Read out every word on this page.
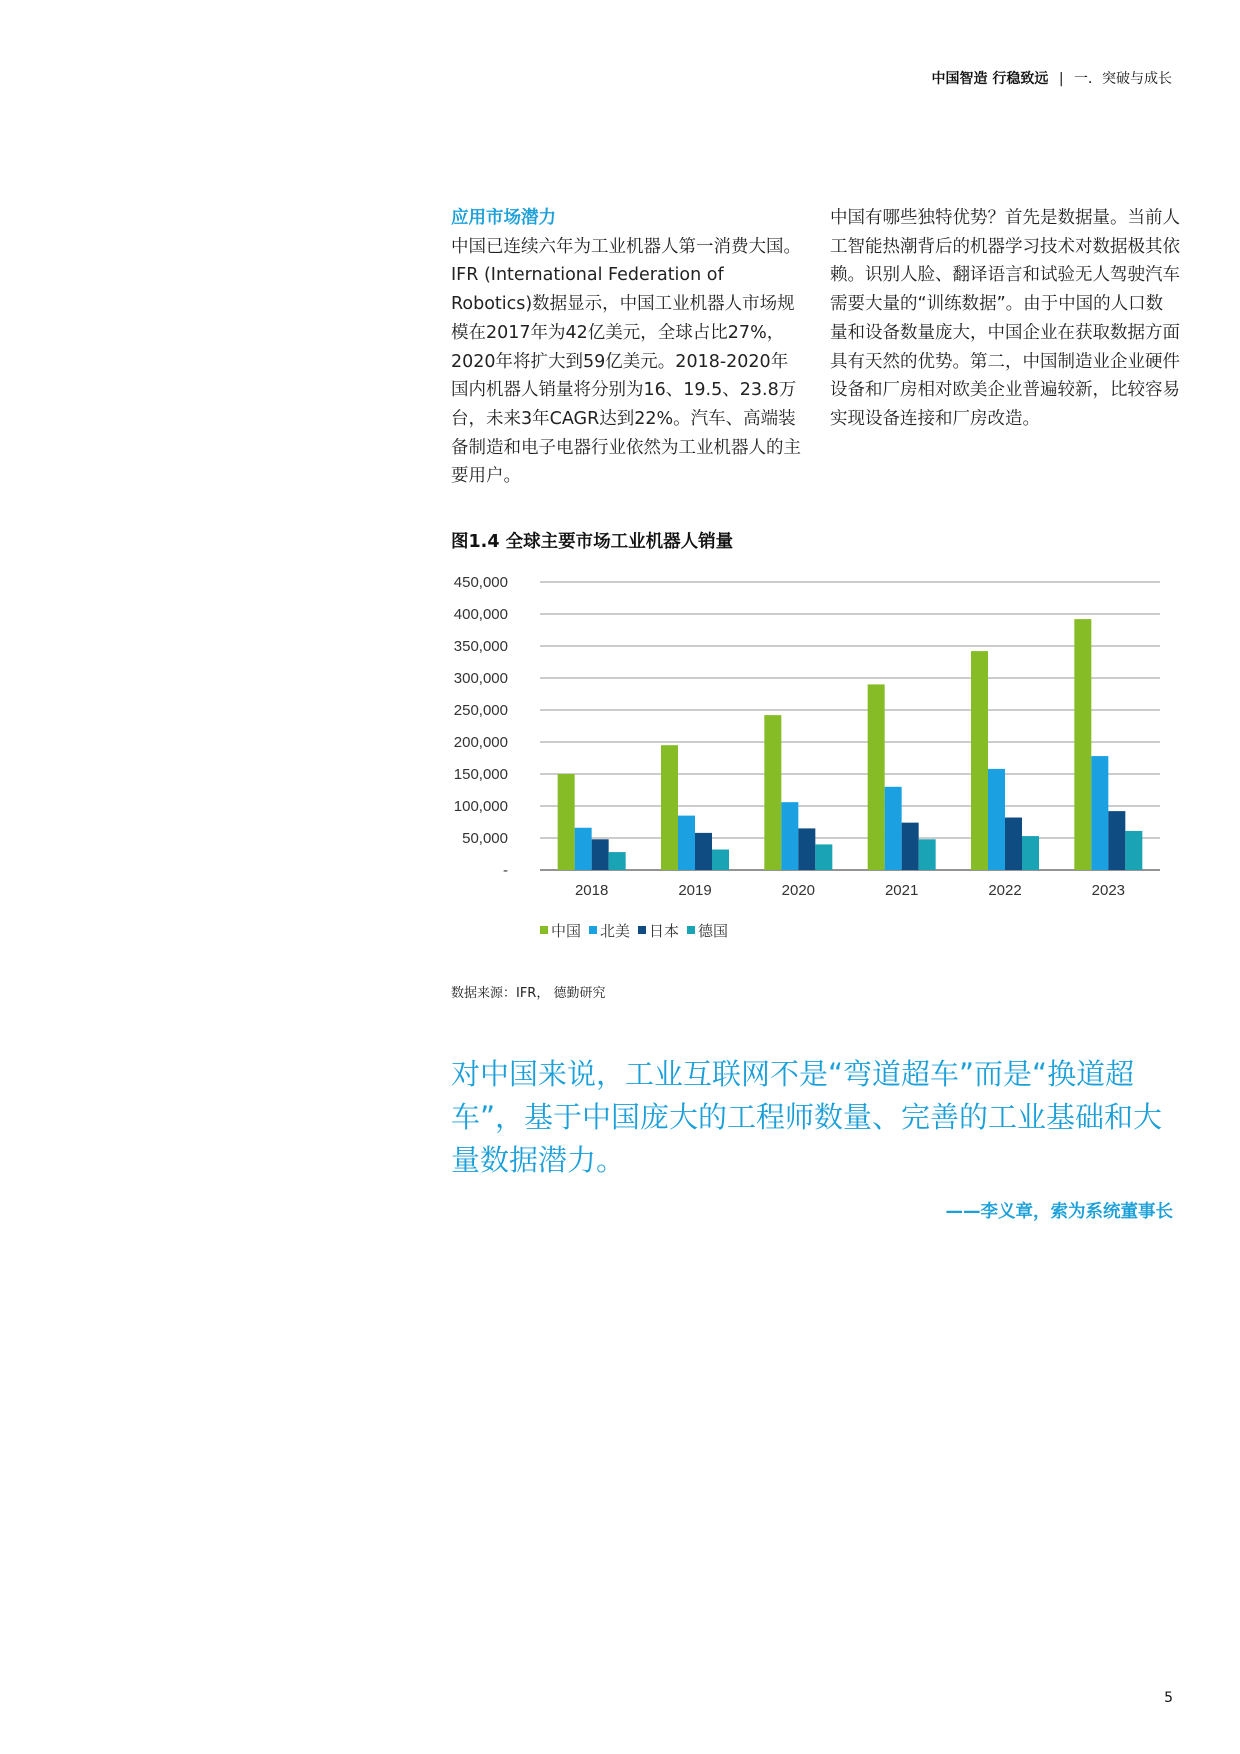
中国智造 行稳致远 | 一．突破与成长

应用市场潜力

中国已连续六年为工业机器人第一消费大国。IFR (International Federation of Robotics)数据显示，中国工业机器人市场规模在2017年为42亿美元，全球占比27%， 2020年将扩大到59亿美元。2018-2020年国内机器人销量将分别为16、19.5、23.8万台，未来3年CAGR达到22%。汽车、高端装备制造和电子电器行业依然为工业机器人的主要用户。

中国有哪些独特优势？首先是数据量。当前人工智能热潮背后的机器学习技术对数据极其依赖。识别人脸、翻译语言和试验无人驾驶汽车需要大量的“训练数据”。由于中国的人口数量和设备数量庞大，中国企业在获取数据方面具有天然的优势。第二，中国制造业企业硬件设备和厂房相对欧美企业普遍较新，比较容易实现设备连接和厂房改造。

图1.4 全球主要市场工业机器人销量
-
50,000
100,000
150,000
200,000
250,000
300,000
350,000
400,000
450,000
2018	2019	2020	2021	2022	2023
中国 北美 日本 德国
数据来源：IFR， 德勤研究
对中国来说，工业互联网不是“弯道超车”而是“换道超车”，基于中国庞大的工程师数量、完善的工业基础和大量数据潜力。
——李义章，索为系统董事长
5
